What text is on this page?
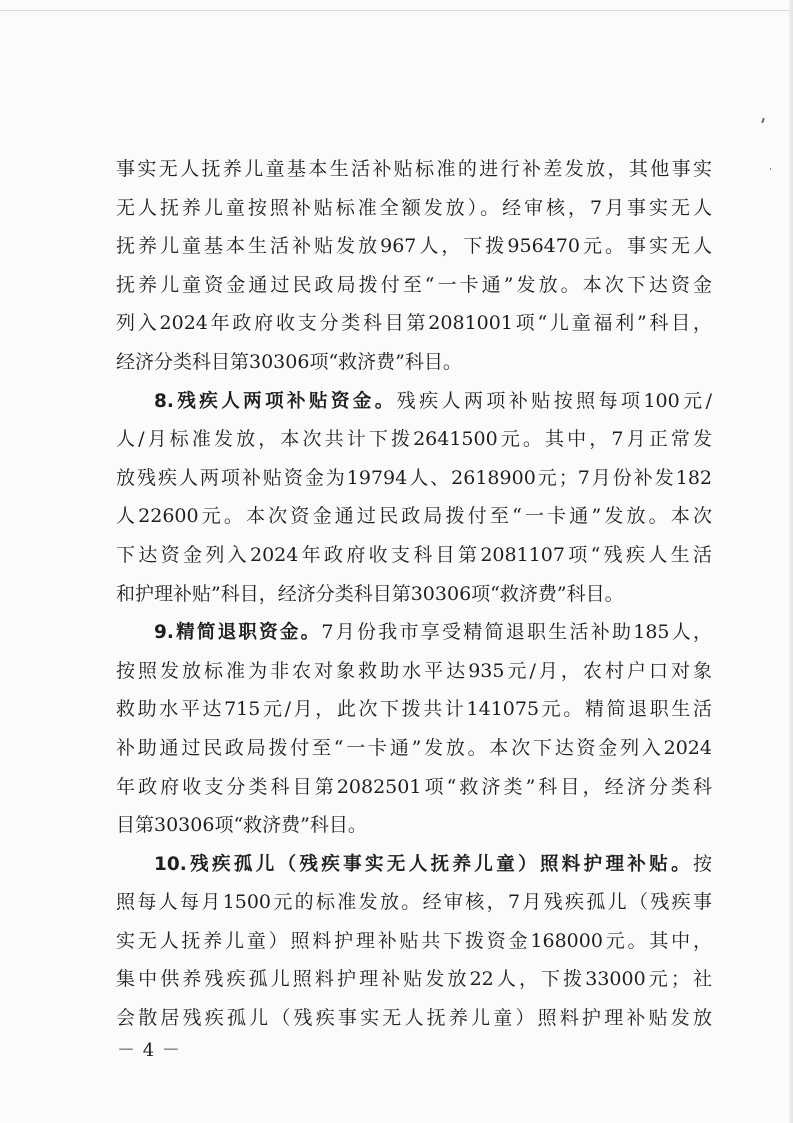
事实无人抚养儿童基本生活补贴标准的进行补差发放，其他事实
无人抚养儿童按照补贴标准全额发放）。经审核，7月事实无人
抚养儿童基本生活补贴发放967人，下拨956470元。事实无人
抚养儿童资金通过民政局拨付至“一卡通”发放。本次下达资金
列入2024年政府收支分类科目第2081001项“儿童福利”科目，
经济分类科目第30306项“救济费”科目。
8.残疾人两项补贴资金。残疾人两项补贴按照每项100元/
人/月标准发放，本次共计下拨2641500元。其中，7月正常发
放残疾人两项补贴资金为19794人、2618900元；7月份补发182
人22600元。本次资金通过民政局拨付至“一卡通”发放。本次
下达资金列入2024年政府收支科目第2081107项“残疾人生活
和护理补贴”科目，经济分类科目第30306项“救济费”科目。
9.精简退职资金。7月份我市享受精简退职生活补助185人，
按照发放标准为非农对象救助水平达935元/月，农村户口对象
救助水平达715元/月，此次下拨共计141075元。精简退职生活
补助通过民政局拨付至“一卡通”发放。本次下达资金列入2024
年政府收支分类科目第2082501项“救济类”科目，经济分类科
目第30306项“救济费”科目。
10.残疾孤儿（残疾事实无人抚养儿童）照料护理补贴。按
照每人每月1500元的标准发放。经审核，7月残疾孤儿（残疾事
实无人抚养儿童）照料护理补贴共下拨资金168000元。其中，
集中供养残疾孤儿照料护理补贴发放22人，下拨33000元；社
会散居残疾孤儿（残疾事实无人抚养儿童）照料护理补贴发放
－ 4 －
